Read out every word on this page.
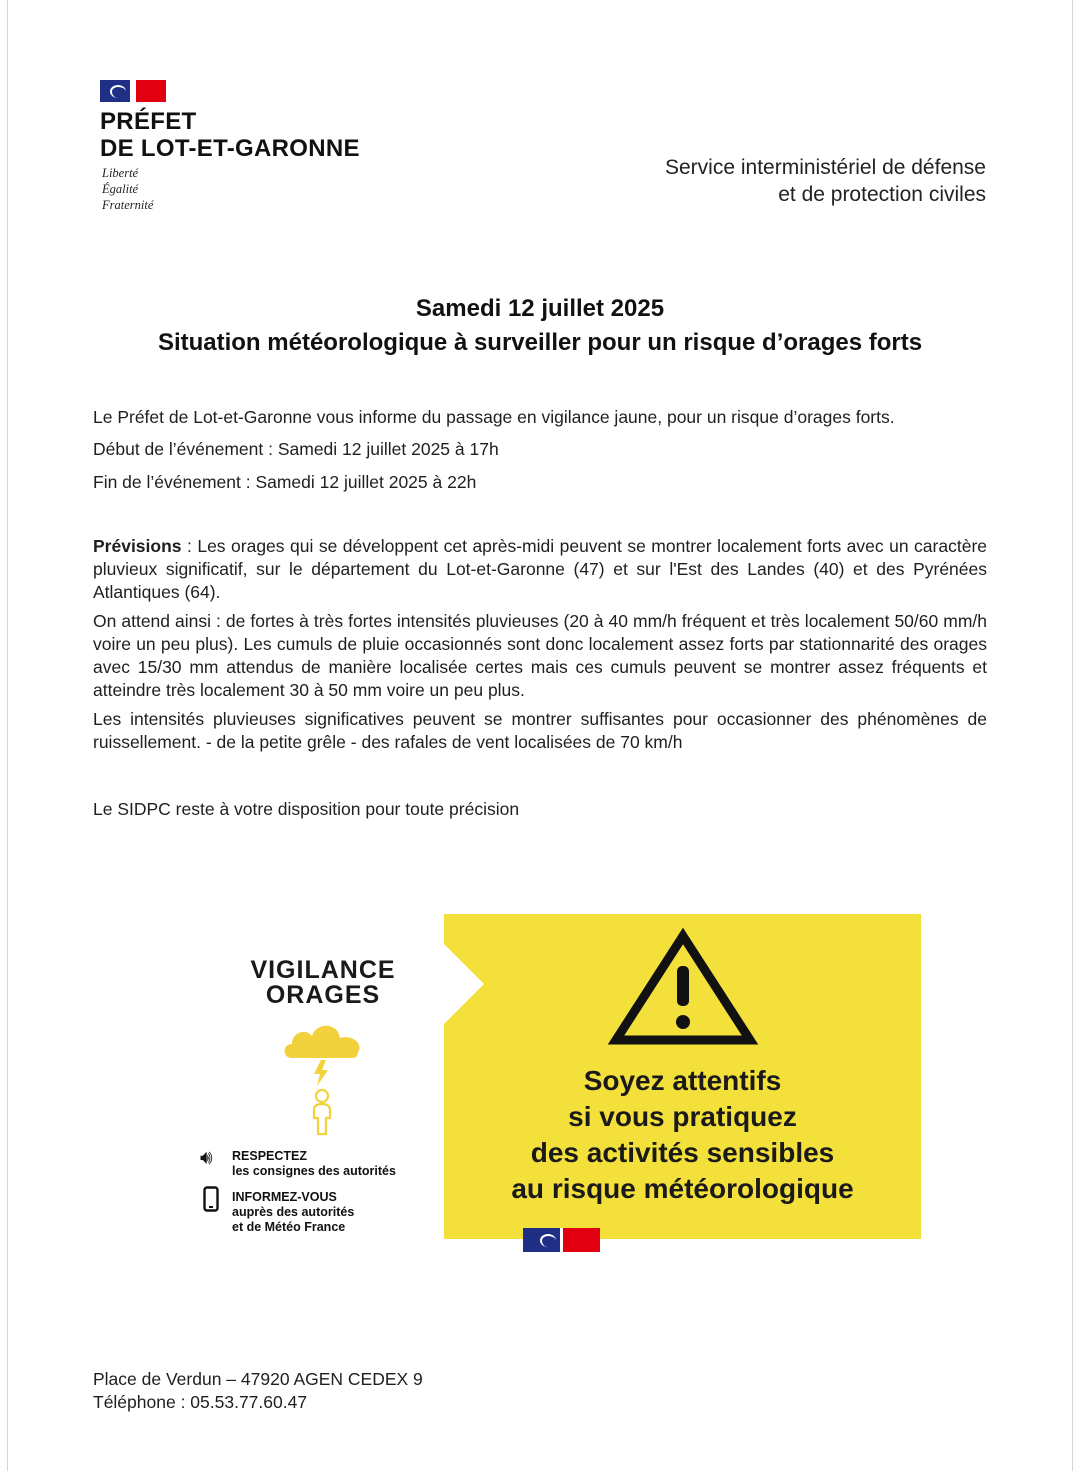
PRÉFET
DE LOT-ET-GARONNE
Liberté
Égalité
Fraternité
Service interministériel de défense
et de protection civiles
Samedi 12 juillet 2025
Situation météorologique à surveiller pour un risque d’orages forts
Le Préfet de Lot-et-Garonne vous informe du passage en vigilance jaune, pour un risque d’orages forts.
Début de l’événement : Samedi 12 juillet 2025 à 17h
Fin de l’événement : Samedi 12 juillet 2025 à 22h
Prévisions : Les orages qui se développent cet après-midi peuvent se montrer localement forts avec un caractère pluvieux significatif, sur le département du Lot-et-Garonne (47) et sur l'Est des Landes (40) et des Pyrénées Atlantiques (64).
On attend ainsi : de fortes à très fortes intensités pluvieuses (20 à 40 mm/h fréquent et très localement 50/60 mm/h voire un peu plus). Les cumuls de pluie occasionnés sont donc localement assez forts par stationnarité des orages avec 15/30 mm attendus de manière localisée certes mais ces cumuls peuvent se montrer assez fréquents et atteindre très localement 30 à 50 mm voire un peu plus.
Les intensités pluvieuses significatives peuvent se montrer suffisantes pour occasionner des phénomènes de ruissellement. - de la petite grêle - des rafales de vent localisées de 70 km/h
Le SIDPC reste à votre disposition pour toute précision
VIGILANCE
ORAGES
🔊︎ RESPECTEZ
les consignes des autorités
INFORMEZ-VOUS
auprès des autorités
et de Météo France
Soyez attentifs
si vous pratiquez
des activités sensibles
au risque météorologique
Place de Verdun – 47920 AGEN CEDEX 9
Téléphone : 05.53.77.60.47
